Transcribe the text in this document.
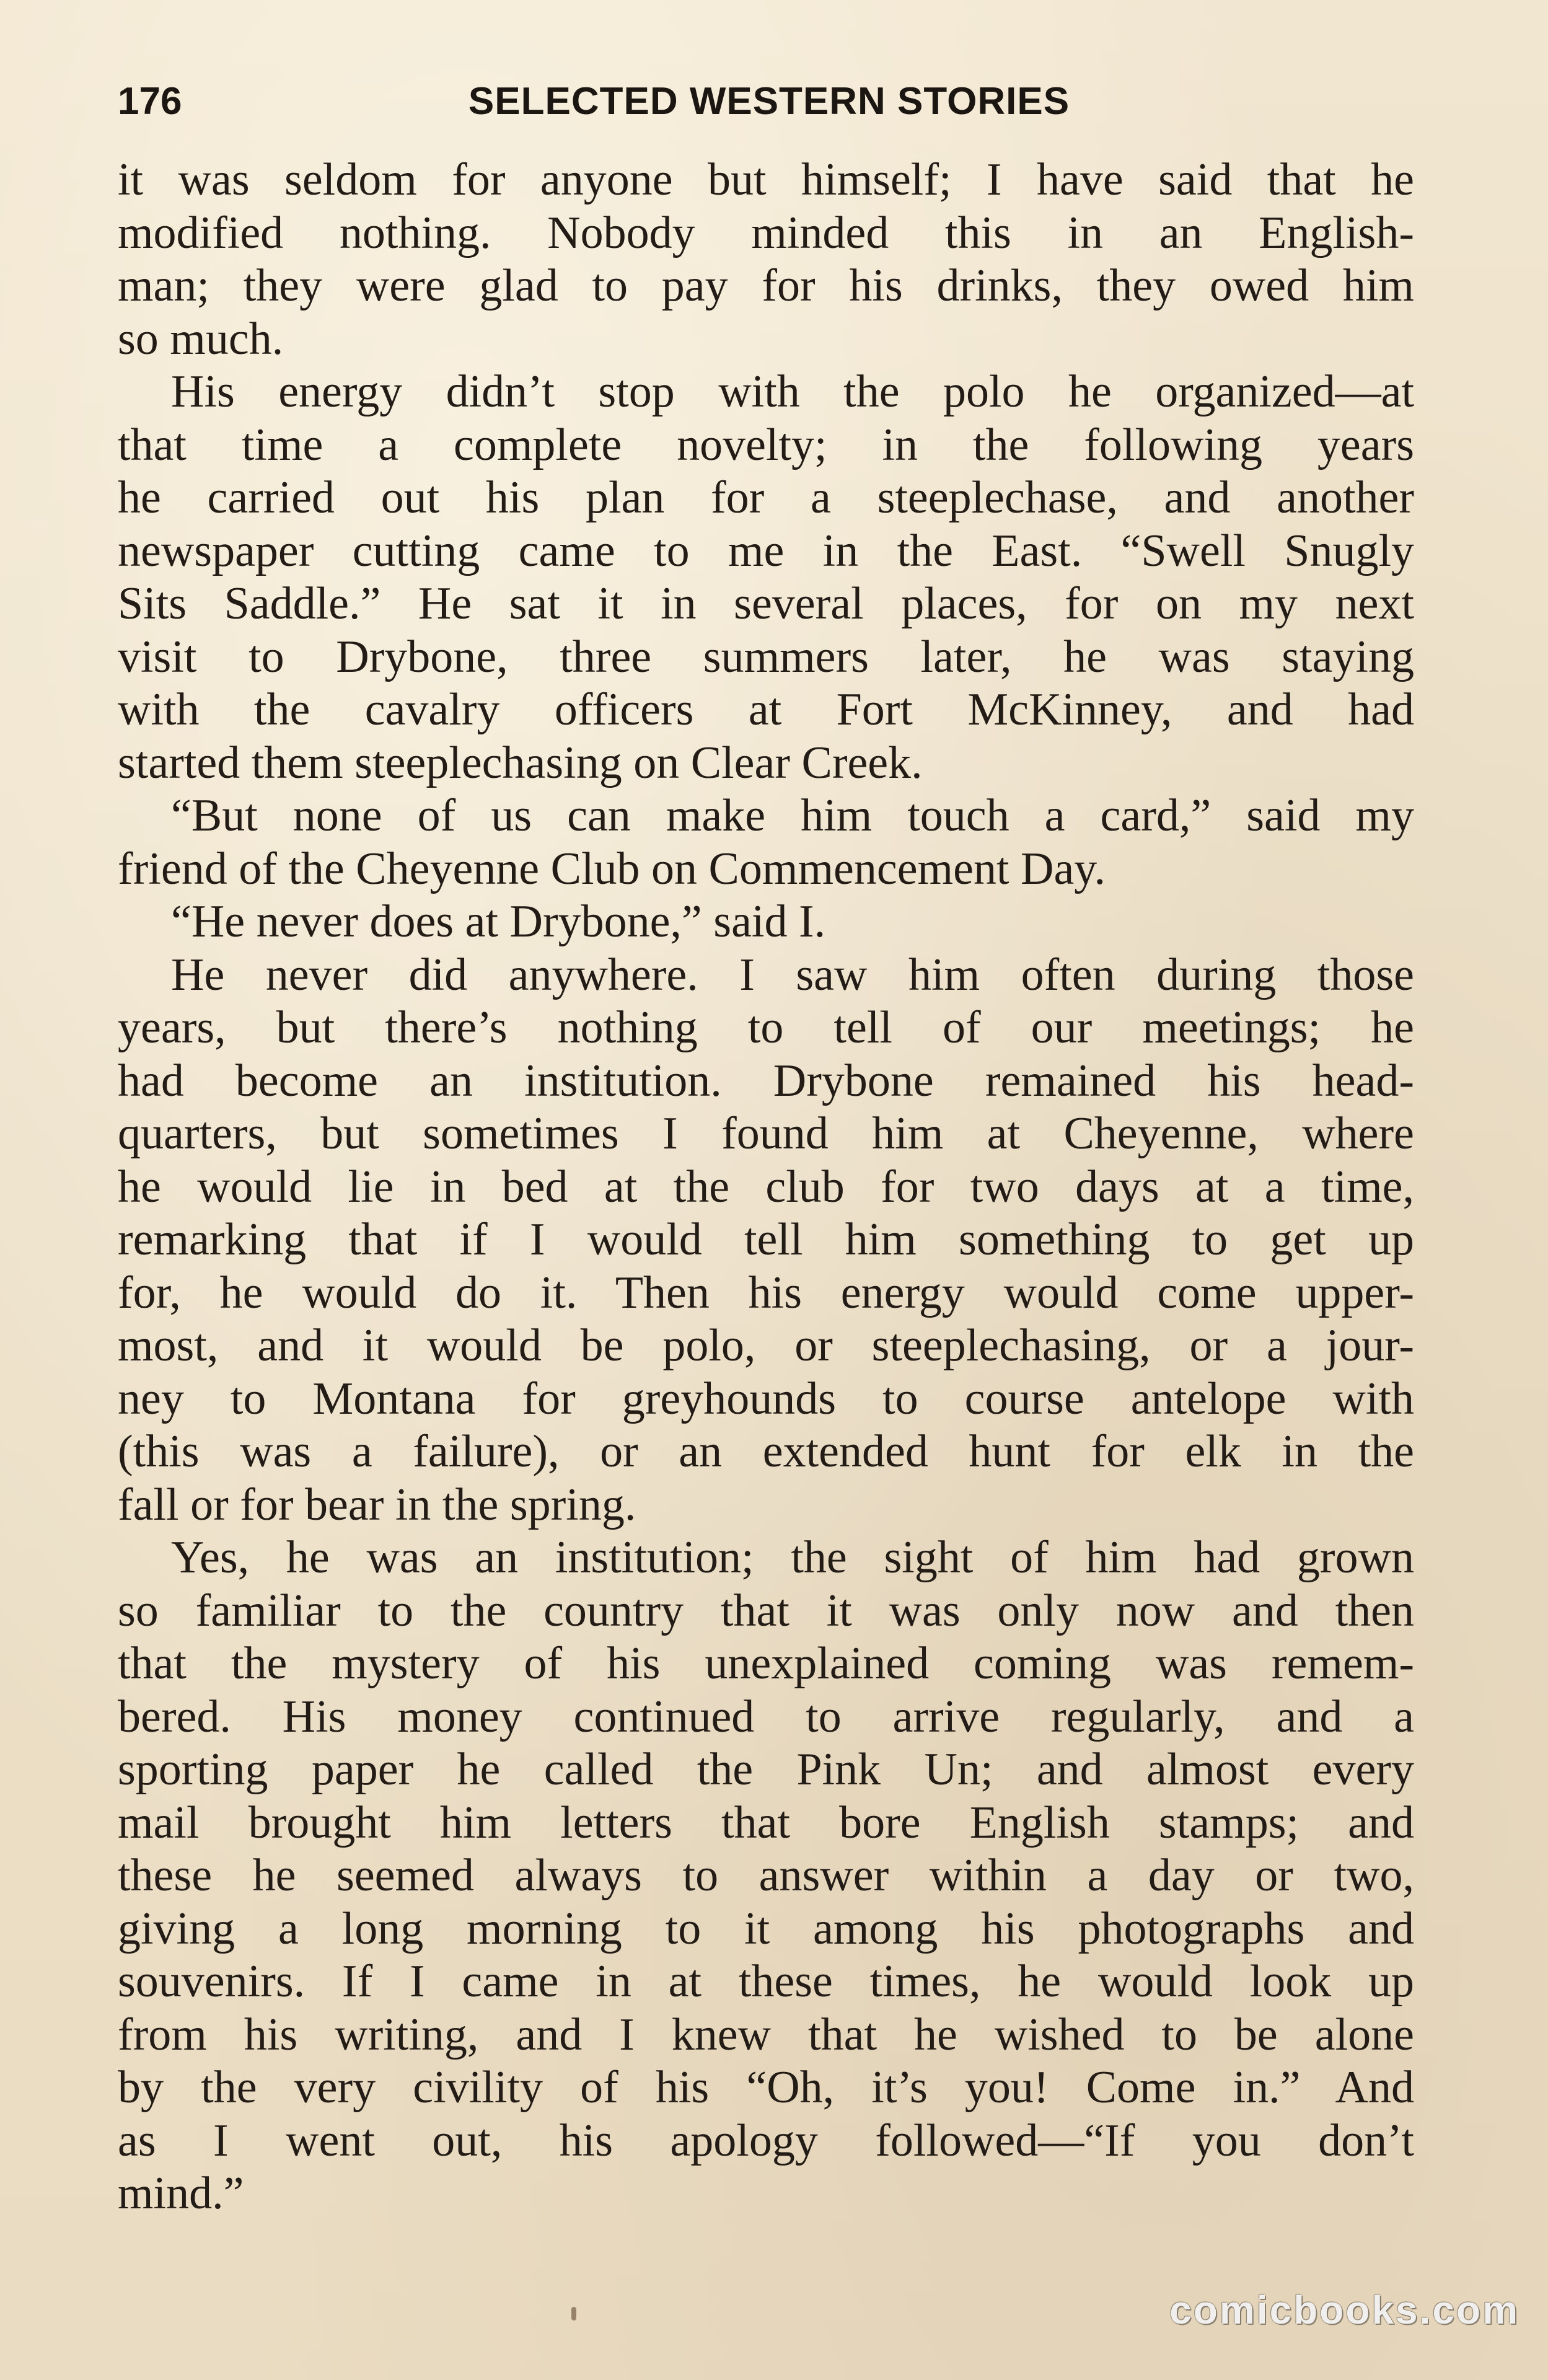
176	SELECTED WESTERN STORIES
it was seldom for anyone but himself; I have said that he
modified nothing. Nobody minded this in an English-
man; they were glad to pay for his drinks, they owed him
so much.
His energy didn’t stop with the polo he organized—at
that time a complete novelty; in the following years
he carried out his plan for a steeplechase, and another
newspaper cutting came to me in the East. “Swell Snugly
Sits Saddle.” He sat it in several places, for on my next
visit to Drybone, three summers later, he was staying
with the cavalry officers at Fort McKinney, and had
started them steeplechasing on Clear Creek.
“But none of us can make him touch a card,” said my
friend of the Cheyenne Club on Commencement Day.
“He never does at Drybone,” said I.
He never did anywhere. I saw him often during those
years, but there’s nothing to tell of our meetings; he
had become an institution. Drybone remained his head-
quarters, but sometimes I found him at Cheyenne, where
he would lie in bed at the club for two days at a time,
remarking that if I would tell him something to get up
for, he would do it. Then his energy would come upper-
most, and it would be polo, or steeplechasing, or a jour-
ney to Montana for greyhounds to course antelope with
(this was a failure), or an extended hunt for elk in the
fall or for bear in the spring.
Yes, he was an institution; the sight of him had grown
so familiar to the country that it was only now and then
that the mystery of his unexplained coming was remem-
bered. His money continued to arrive regularly, and a
sporting paper he called the Pink Un; and almost every
mail brought him letters that bore English stamps; and
these he seemed always to answer within a day or two,
giving a long morning to it among his photographs and
souvenirs. If I came in at these times, he would look up
from his writing, and I knew that he wished to be alone
by the very civility of his “Oh, it’s you! Come in.” And
as I went out, his apology followed—“If you don’t
mind.”
comicbooks.com
